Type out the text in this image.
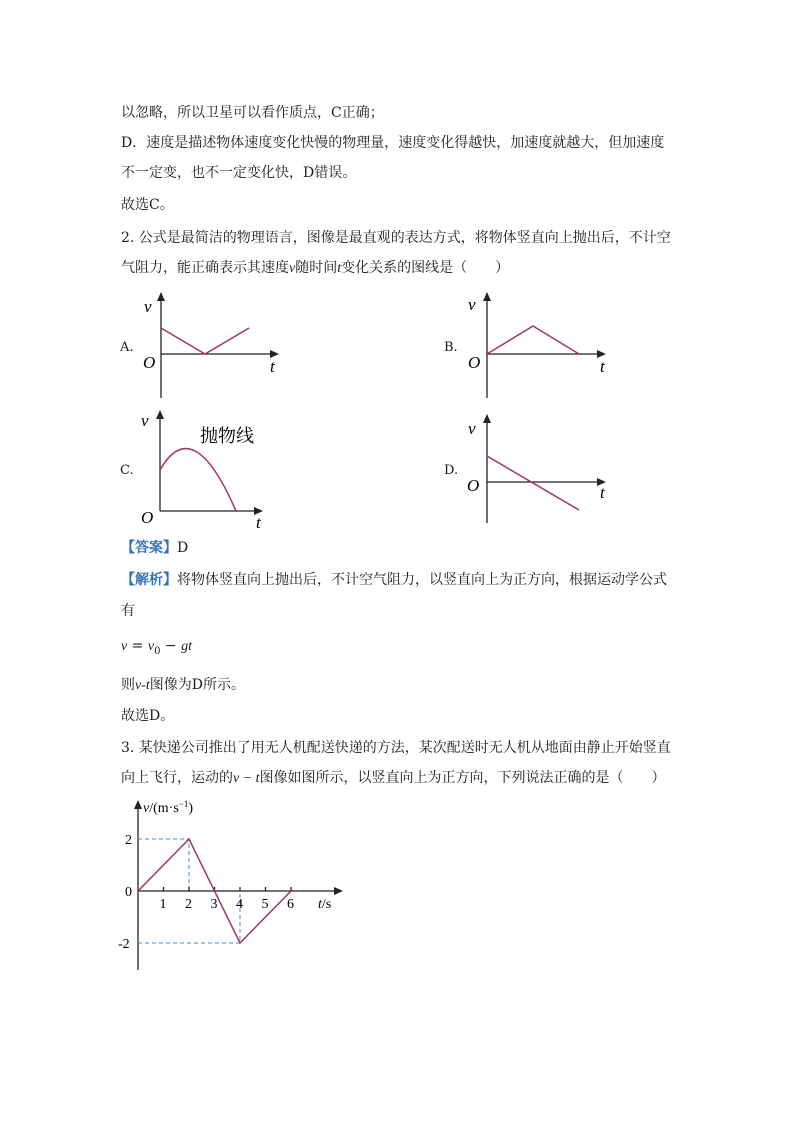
以忽略，所以卫星可以看作质点，C正确；
D．速度是描述物体速度变化快慢的物理量，速度变化得越快，加速度就越大，但加速度
不一定变，也不一定变化快，D错误。
故选C。
2. 公式是最简洁的物理语言，图像是最直观的表达方式，将物体竖直向上抛出后，不计空
气阻力，能正确表示其速度v随时间t变化关系的图线是（　　）
A.	B.
C.	D.
v
O	t
v
O	t
v
O	t
抛物线	v
O	t
【答案】D
【解析】将物体竖直向上抛出后，不计空气阻力，以竖直向上为正方向，根据运动学公式
有
$v = v_0$ − gt
则v-t图像为D所示。
故选D。
3. 某快递公司推出了用无人机配送快递的方法，某次配送时无人机从地面由静止开始竖直
向上飞行，运动的v − t图像如图所示，以竖直向上为正方向，下列说法正确的是（　　）
1 2 3 4 5 6
2
0
-2
$v/(m\cdot s^{-1})$
t/s
